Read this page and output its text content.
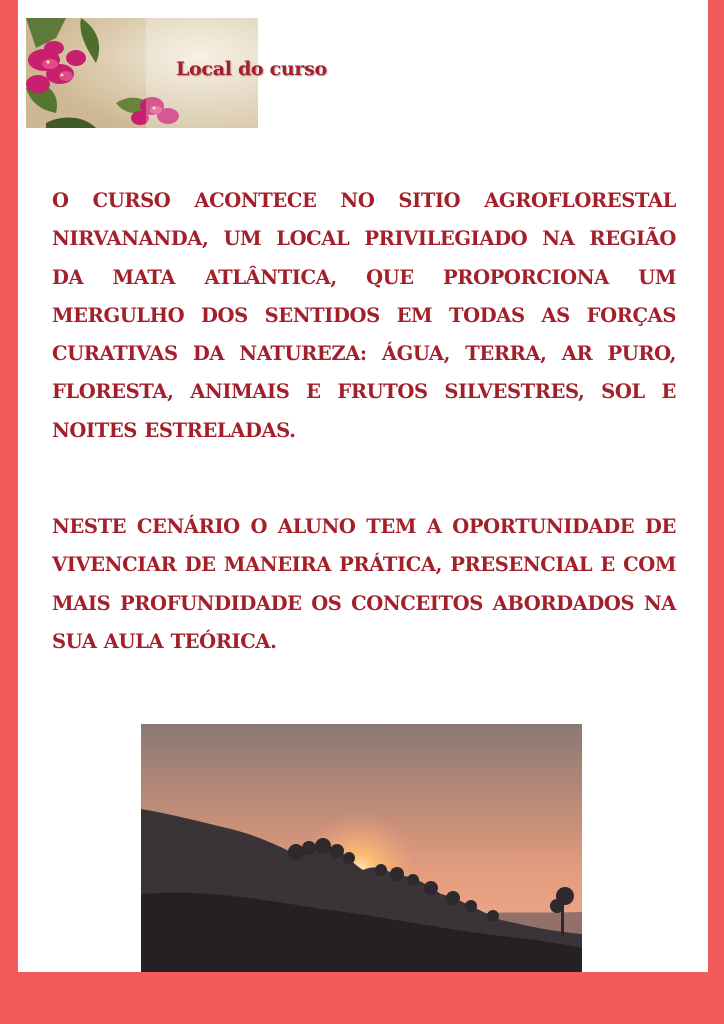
Local do curso

O CURSO ACONTECE NO SITIO AGROFLORESTAL NIRVANANDA, UM LOCAL PRIVILEGIADO NA REGIÃO DA MATA ATLÂNTICA, QUE PROPORCIONA UM MERGULHO DOS SENTIDOS EM TODAS AS FORÇAS CURATIVAS DA NATUREZA: ÁGUA, TERRA, AR PURO, FLORESTA, ANIMAIS E FRUTOS SILVESTRES, SOL E NOITES ESTRELADAS.

NESTE CENÁRIO O ALUNO TEM A OPORTUNIDADE DE VIVENCIAR DE MANEIRA PRÁTICA, PRESENCIAL E COM MAIS PROFUNDIDADE OS CONCEITOS ABORDADOS NA SUA AULA TEÓRICA.
